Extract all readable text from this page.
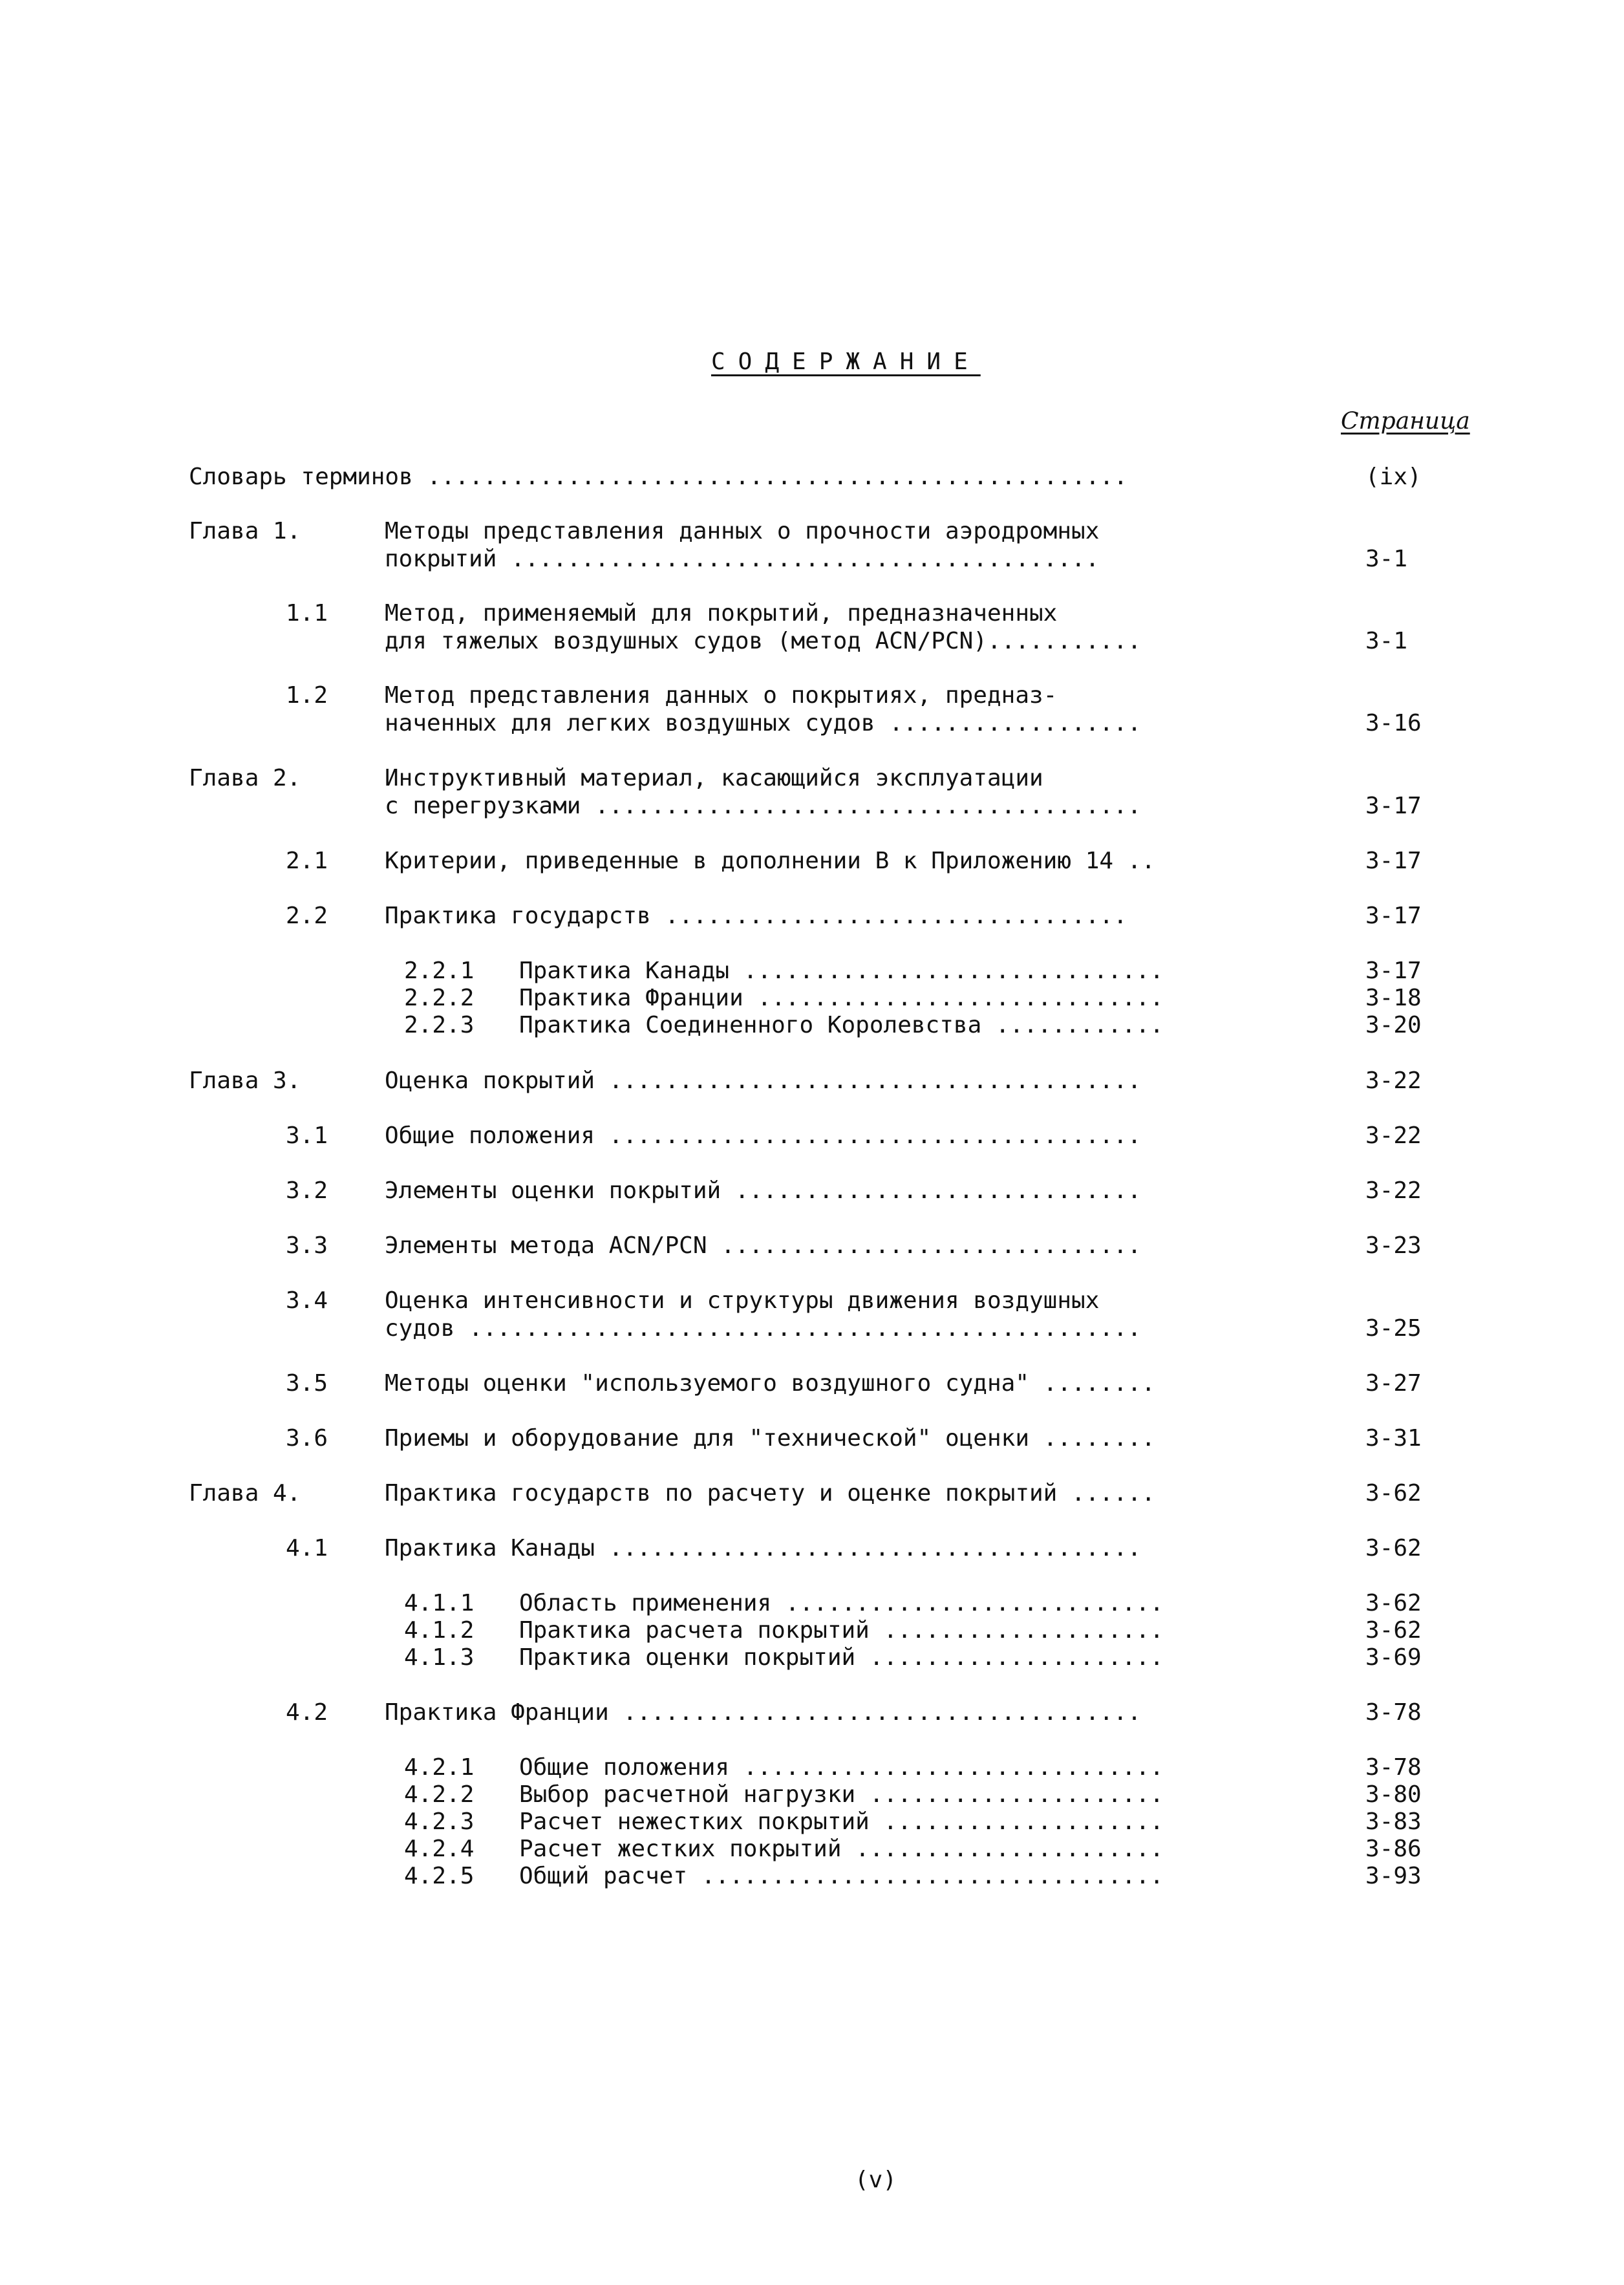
СОДЕРЖАНИЕ
Страница
Словарь терминов ..................................................	(ix)
Глава 1.	Методы представления данных о прочности аэродромных
покрытий ..........................................	3-1
1.1 Метод, применяемый для покрытий, предназначенных
для тяжелых воздушных судов (метод ACN/PCN)...........	3-1
1.2 Метод представления данных о покрытиях, предназ-
наченных для легких воздушных судов ..................	3-16
Глава 2.	Инструктивный материал, касающийся эксплуатации
с перегрузками .......................................	3-17
2.1 Критерии, приведенные в дополнении В к Приложению 14 ..	3-17
2.2 Практика государств .................................	3-17
2.2.1 Практика Канады ..............................	3-17
2.2.2 Практика Франции .............................	3-18
2.2.3 Практика Соединенного Королевства ............	3-20
Глава 3.	Оценка покрытий ......................................	3-22
3.1 Общие положения ......................................	3-22
3.2 Элементы оценки покрытий .............................	3-22
3.3 Элементы метода ACN/PCN ..............................	3-23
3.4 Оценка интенсивности и структуры движения воздушных
судов ................................................	3-25
3.5 Методы оценки "используемого воздушного судна" ........	3-27
3.6 Приемы и оборудование для "технической" оценки ........	3-31
Глава 4.	Практика государств по расчету и оценке покрытий ......	3-62
4.1 Практика Канады ......................................	3-62
4.1.1 Область применения ...........................	3-62
4.1.2 Практика расчета покрытий ....................	3-62
4.1.3 Практика оценки покрытий .....................	3-69
4.2 Практика Франции .....................................	3-78
4.2.1 Общие положения ..............................	3-78
4.2.2 Выбор расчетной нагрузки .....................	3-80
4.2.3 Расчет нежестких покрытий ....................	3-83
4.2.4 Расчет жестких покрытий ......................	3-86
4.2.5 Общий расчет .................................	3-93
(v)
